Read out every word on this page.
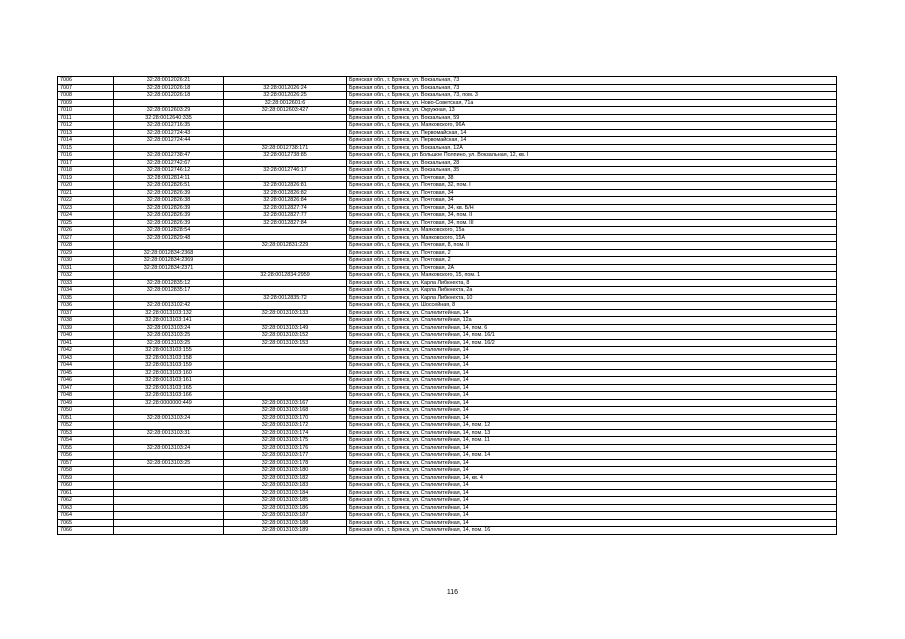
7006	32:28:0012026:21		Брянская обл., г. Брянск, ул. Вокзальная, 73
7007	32:28:0012026:18	32:28:0012026:24	Брянская обл., г. Брянск, ул. Вокзальная, 73
7008	32:28:0012026:18	32:28:0012026:25	Брянская обл., г. Брянск, ул. Вокзальная, 73, пом. 3
7009		32:28:0012601:6	Брянская обл., г. Брянск, ул. Ново-Советская, 71а
7010	32:28:0012603:29	32:28:0012603:427	Брянская обл., г. Брянск, ул. Окружная, 13
7011	32:28:0012640:335		Брянская обл., г. Брянск, ул. Вокзальная, 59
7012	32:28:0012716:35		Брянская обл., г. Брянск, ул. Маяковского, 96А
7013	32:28:0012724:43		Брянская обл., г. Брянск, ул. Первомайская, 14
7014	32:28:0012724:44		Брянская обл., г. Брянск, ул. Первомайская, 14
7015		32:28:0012738:171	Брянская обл., г. Брянск, ул. Вокзальная, 12А
7016	32:28:0012738:47	32:28:0012738:85	Брянская обл., г. Брянск, рп Большое Полпино, ул. Вокзальная, 12, кв. I
7017	32:28:0012742:67		Брянская обл., г. Брянск, ул. Вокзальная, 28
7018	32:28:0012746:12	32:28:0012746:17	Брянская обл., г. Брянск, ул. Вокзальная, 35
7019	32:28:0012814:11		Брянская обл., г. Брянск, ул. Почтовая, 38
7020	32:28:0012826:51	32:28:0012826:81	Брянская обл., г. Брянск, ул. Почтовая, 32, пом. I
7021	32:28:0012826:39	32:28:0012826:82	Брянская обл., г. Брянск, ул. Почтовая, 34
7022	32:28:0012826:38	32:28:0012826:84	Брянская обл., г. Брянск, ул. Почтовая, 34
7023	32:28:0012826:39	32:28:0012827:74	Брянская обл., г. Брянск, ул. Почтовая, 34, кв. Б/Н
7024	32:28:0012826:39	32:28:0012827:77	Брянская обл., г. Брянск, ул. Почтовая, 34, пом. II
7025	32:28:0012826:39	32:28:0012827:84	Брянская обл., г. Брянск, ул. Почтовая, 34, пом. III
7026	32:28:0012828:54		Брянская обл., г. Брянск, ул. Маяковского, 15а
7027	32:28:0012829:48		Брянская обл., г. Брянск, ул. Маяковского, 15А
7028		32:28:0012831:229	Брянская обл., г. Брянск, ул. Почтовая, 8, пом. II
7029	32:28:0012834:2368		Брянская обл., г. Брянск, ул. Почтовая, 2
7030	32:28:0012834:2369		Брянская обл., г. Брянск, ул. Почтовая, 2
7031	32:28:0012834:2371		Брянская обл., г. Брянск, ул. Почтовая, 2А
7032		32:28:0012834:2959	Брянская обл., г. Брянск, ул. Маяковского, 15, пом. 1
7033	32:28:0012835:12		Брянская обл., г. Брянск, ул. Карла Либкнехта, 8
7034	32:28:0012835:17		Брянская обл., г. Брянск, ул. Карла Либкнехта, 2а
7035		32:28:0012835:72	Брянская обл., г. Брянск, ул. Карла Либкнехта, 10
7036	32:28:0013102:42		Брянская обл., г. Брянск, ул. Шоссейная, 8
7037	32:28:0013103:132	32:28:0013103:133	Брянская обл., г. Брянск, ул. Сталелитейная, 14
7038	32:28:0013103:141		Брянская обл., г. Брянск, ул. Сталелитейная, 12а
7039	32:28:0013103:24	32:28:0013103:149	Брянская обл., г. Брянск, ул. Сталелитейная, 14, пом. 6
7040	32:28:0013103:25	32:28:0013103:152	Брянская обл., г. Брянск, ул. Сталелитейная, 14, пом. 16/1
7041	32:28:0013103:25	32:28:0013103:153	Брянская обл., г. Брянск, ул. Сталелитейная, 14, пом. 16/2
7042	32:28:0013103:155		Брянская обл., г. Брянск, ул. Сталелитейная, 14
7043	32:28:0013103:158		Брянская обл., г. Брянск, ул. Сталелитейная, 14
7044	32:28:0013103:159		Брянская обл., г. Брянск, ул. Сталелитейная, 14
7045	32:28:0013103:160		Брянская обл., г. Брянск, ул. Сталелитейная, 14
7046	32:28:0013103:161		Брянская обл., г. Брянск, ул. Сталелитейная, 14
7047	32:28:0013103:165		Брянская обл., г. Брянск, ул. Сталелитейная, 14
7048	32:28:0013103:166		Брянская обл., г. Брянск, ул. Сталелитейная, 14
7049	32:28:0000000:449	32:28:0013103:167	Брянская обл., г. Брянск, ул. Сталелитейная, 14
7050		32:28:0013103:168	Брянская обл., г. Брянск, ул. Сталелитейная, 14
7051	32:28:0013103:24	32:28:0013103:170	Брянская обл., г. Брянск, ул. Сталелитейная, 14
7052		32:28:0013103:172	Брянская обл., г. Брянск, ул. Сталелитейная, 14, пом. 12
7053	32:28:0013103:31	32:28:0013103:174	Брянская обл., г. Брянск, ул. Сталелитейная, 14, пом. 13
7054		32:28:0013103:175	Брянская обл., г. Брянск, ул. Сталелитейная, 14, пом. 11
7055	32:28:0013103:24	32:28:0013103:176	Брянская обл., г. Брянск, ул. Сталелитейная, 14
7056		32:28:0013103:177	Брянская обл., г. Брянск, ул. Сталелитейная, 14, пом. 14
7057	32:28:0013103:25	32:28:0013103:178	Брянская обл., г. Брянск, ул. Сталелитейная, 14
7058		32:28:0013103:180	Брянская обл., г. Брянск, ул. Сталелитейная, 14
7059		32:28:0013103:182	Брянская обл., г. Брянск, ул. Сталелитейная, 14, кв. 4
7060		32:28:0013103:183	Брянская обл., г. Брянск, ул. Сталелитейная, 14
7061		32:28:0013103:184	Брянская обл., г. Брянск, ул. Сталелитейная, 14
7062		32:28:0013103:185	Брянская обл., г. Брянск, ул. Сталелитейная, 14
7063		32:28:0013103:186	Брянская обл., г. Брянск, ул. Сталелитейная, 14
7064		32:28:0013103:187	Брянская обл., г. Брянск, ул. Сталелитейная, 14
7065		32:28:0013103:188	Брянская обл., г. Брянск, ул. Сталелитейная, 14
7066		32:28:0013103:189	Брянская обл., г. Брянск, ул. Сталелитейная, 14, пом. 16
116
